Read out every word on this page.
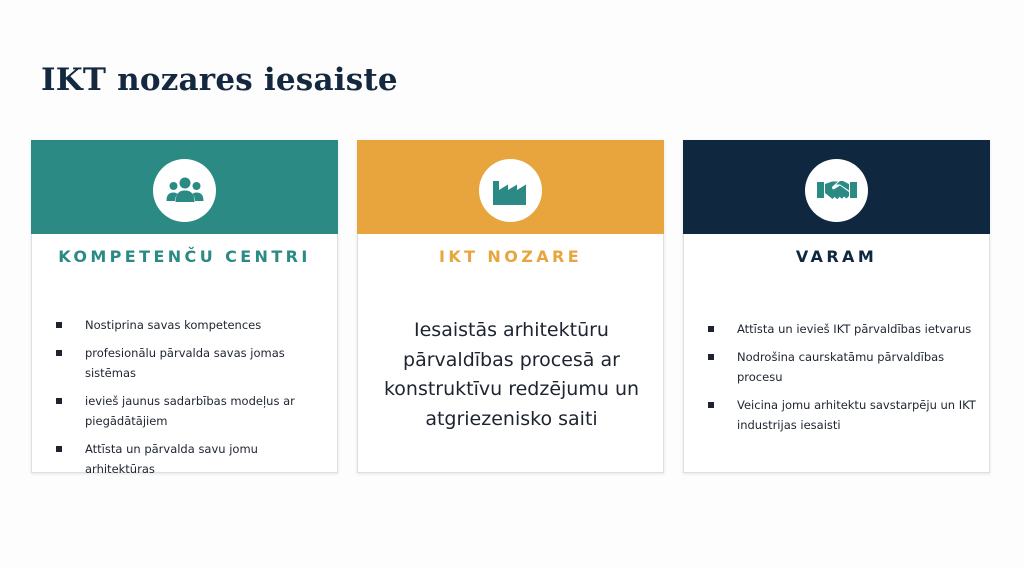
IKT nozares iesaiste
KOMPETENČU CENTRI
Nostiprina savas kompetences
profesionālu pārvalda savas jomas sistēmas
ievieš jaunus sadarbības modeļus ar piegādātājiem
Attīsta un pārvalda savu jomu arhitektūras
IKT NOZARE

Iesaistās arhitektūru pārvaldības procesā ar konstruktīvu redzējumu un atgriezenisko saiti

VARAM
Attīsta un ievieš IKT pārvaldības ietvarus
Nodrošina caurskatāmu pārvaldības procesu
Veicina jomu arhitektu savstarpēju un IKT industrijas iesaisti
